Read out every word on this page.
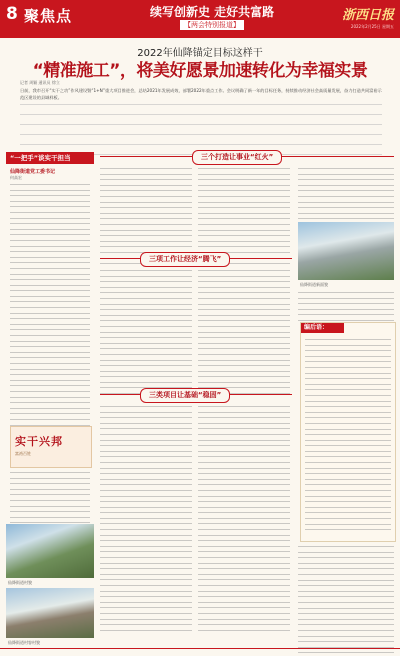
8 聚焦点	续写创新史 走好共富路
【两会特别报道】
浙西日报
2022年2月25日 星期五
2022年仙降锚定目标这样干
“精准施工”，将美好愿景加速转化为幸福实景
记者 周颖 通讯员 徐立
日前，我市召开“实干之功”作风建设暨“1+N”重大项目推进会，总结2021年发展成效，部署2022年重点工作。会议明确了新一年的目标任务，持续推动经济社会高质量发展，奋力打造共同富裕示范区建设的县域样板。
“一把手”谈实干担当
仙降街道党工委书记
何高宏
实干兴邦
富裕百姓
仙降街道村貌
仙降街道村容村貌
三个打造让事业“红火”
仙降街道新面貌
三项工作让经济“腾飞”
编后语：
三类项目让基础“稳固”
